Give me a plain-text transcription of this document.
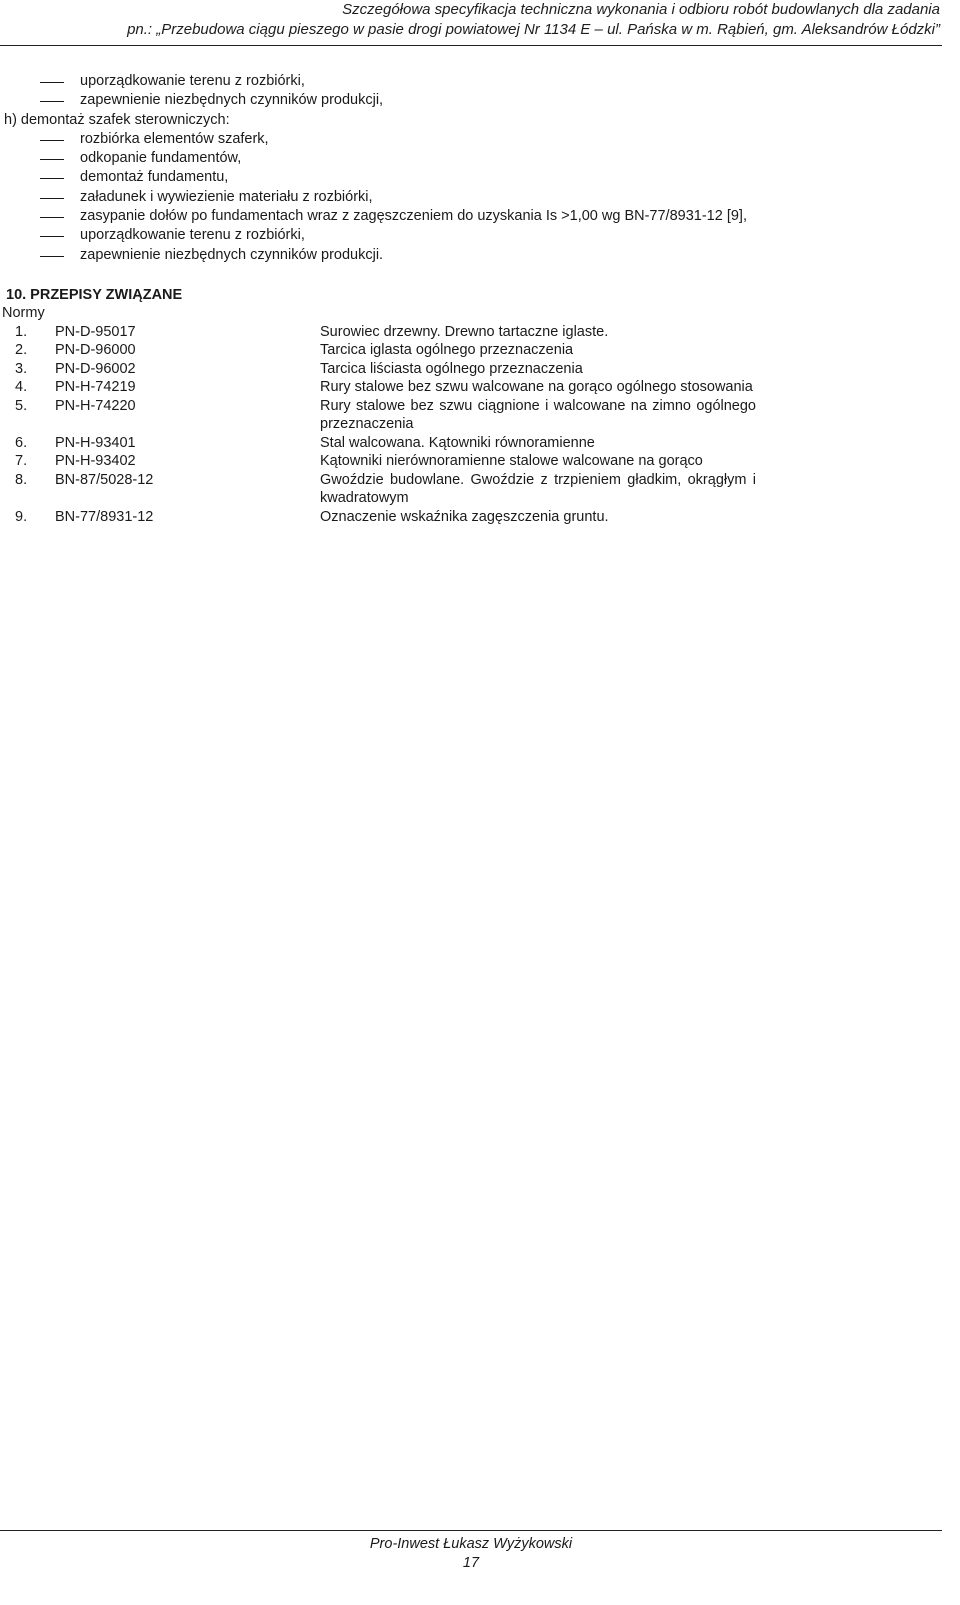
Szczegółowa specyfikacja techniczna wykonania i odbioru robót budowlanych dla zadania
pn.: „Przebudowa ciągu pieszego w pasie drogi powiatowej Nr 1134 E – ul. Pańska w m. Rąbień, gm. Aleksandrów Łódzki”
uporządkowanie terenu z rozbiórki,
zapewnienie niezbędnych czynników produkcji,
h) demontaż szafek sterowniczych:
rozbiórka elementów szaferk,
odkopanie fundamentów,
demontaż fundamentu,
załadunek i wywiezienie materiału z rozbiórki,
zasypanie dołów po fundamentach wraz z zagęszczeniem do uzyskania Is >1,00 wg BN-77/8931-12 [9],
uporządkowanie terenu z rozbiórki,
zapewnienie niezbędnych czynników produkcji.
10. PRZEPISY ZWIĄZANE
Normy
1.	PN-D-95017	Surowiec drzewny. Drewno tartaczne iglaste.
2.	PN-D-96000	Tarcica iglasta ogólnego przeznaczenia
3.	PN-D-96002	Tarcica liściasta ogólnego przeznaczenia
4.	PN-H-74219	Rury stalowe bez szwu walcowane na gorąco ogólnego stosowania
5.	PN-H-74220	Rury stalowe bez szwu ciągnione i walcowane na zimno ogólnego przeznaczenia
6.	PN-H-93401	Stal walcowana. Kątowniki równoramienne
7.	PN-H-93402	Kątowniki nierównoramienne stalowe walcowane na gorąco
8.	BN-87/5028-12	Gwoździe budowlane. Gwoździe z trzpieniem gładkim, okrągłym i kwadratowym
9.	BN-77/8931-12	Oznaczenie wskaźnika zagęszczenia gruntu.
Pro-Inwest Łukasz Wyżykowski
17
